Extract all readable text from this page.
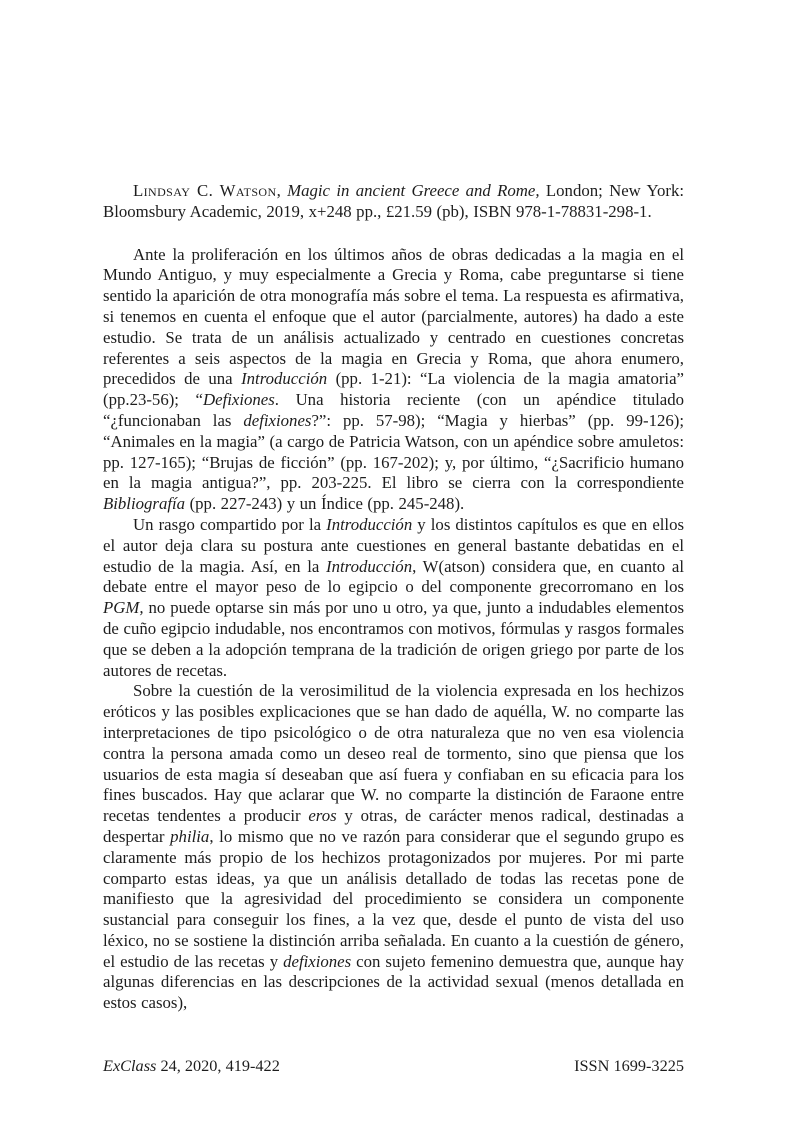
Lindsay C. Watson, Magic in ancient Greece and Rome, London; New York: Bloomsbury Academic, 2019, x+248 pp., £21.59 (pb), ISBN 978-1-78831-298-1.

Ante la proliferación en los últimos años de obras dedicadas a la magia en el Mundo Antiguo, y muy especialmente a Grecia y Roma, cabe preguntarse si tiene sentido la aparición de otra monografía más sobre el tema. La respuesta es afirmativa, si tenemos en cuenta el enfoque que el autor (parcialmente, autores) ha dado a este estudio. Se trata de un análisis actualizado y centrado en cuestiones concretas referentes a seis aspectos de la magia en Grecia y Roma, que ahora enumero, precedidos de una Introducción (pp. 1-21): “La violencia de la magia amatoria” (pp.23-56); “Defixiones. Una historia reciente (con un apéndice titulado “¿funcionaban las defixiones?”: pp. 57-98); “Magia y hierbas” (pp. 99-126); “Animales en la magia” (a cargo de Patricia Watson, con un apéndice sobre amuletos: pp. 127-165); “Brujas de ficción” (pp. 167-202); y, por último, “¿Sacrificio humano en la magia antigua?”, pp. 203-225. El libro se cierra con la correspondiente Bibliografía (pp. 227-243) y un Índice (pp. 245-248).

Un rasgo compartido por la Introducción y los distintos capítulos es que en ellos el autor deja clara su postura ante cuestiones en general bastante debatidas en el estudio de la magia. Así, en la Introducción, W(atson) considera que, en cuanto al debate entre el mayor peso de lo egipcio o del componente grecorromano en los PGM, no puede optarse sin más por uno u otro, ya que, junto a indudables elementos de cuño egipcio indudable, nos encontramos con motivos, fórmulas y rasgos formales que se deben a la adopción temprana de la tradición de origen griego por parte de los autores de recetas.

Sobre la cuestión de la verosimilitud de la violencia expresada en los hechizos eróticos y las posibles explicaciones que se han dado de aquélla, W. no comparte las interpretaciones de tipo psicológico o de otra naturaleza que no ven esa violencia contra la persona amada como un deseo real de tormento, sino que piensa que los usuarios de esta magia sí deseaban que así fuera y confiaban en su eficacia para los fines buscados. Hay que aclarar que W. no comparte la distinción de Faraone entre recetas tendentes a producir eros y otras, de carácter menos radical, destinadas a despertar philia, lo mismo que no ve razón para considerar que el segundo grupo es claramente más propio de los hechizos protagonizados por mujeres. Por mi parte comparto estas ideas, ya que un análisis detallado de todas las recetas pone de manifiesto que la agresividad del procedimiento se considera un componente sustancial para conseguir los fines, a la vez que, desde el punto de vista del uso léxico, no se sostiene la distinción arriba señalada. En cuanto a la cuestión de género, el estudio de las recetas y defixiones con sujeto femenino demuestra que, aunque hay algunas diferencias en las descripciones de la actividad sexual (menos detallada en estos casos),

ExClass 24, 2020, 419-422	ISSN 1699-3225
